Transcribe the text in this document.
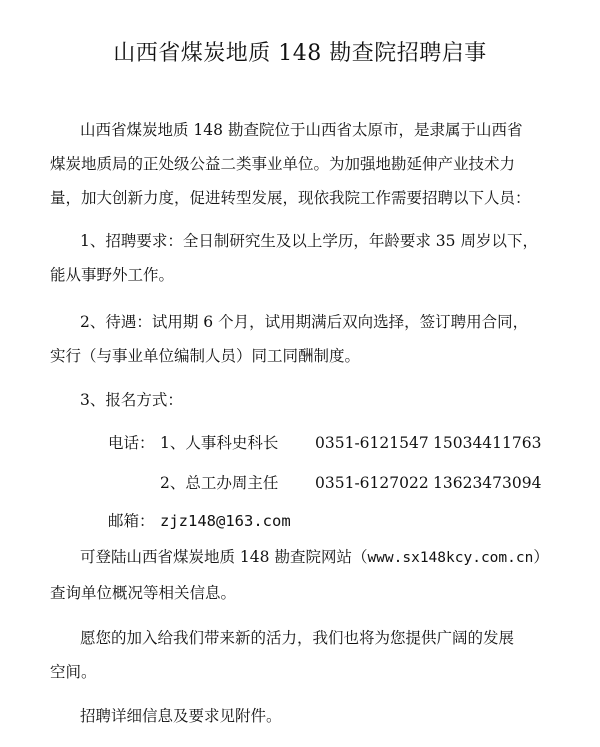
山西省煤炭地质 148 勘查院招聘启事
山西省煤炭地质 148 勘查院位于山西省太原市，是隶属于山西省
煤炭地质局的正处级公益二类事业单位。为加强地勘延伸产业技术力
量，加大创新力度，促进转型发展，现依我院工作需要招聘以下人员：
1、招聘要求：全日制研究生及以上学历，年龄要求 35 周岁以下，
能从事野外工作。
2、待遇：试用期 6 个月，试用期满后双向选择，签订聘用合同，
实行（与事业单位编制人员）同工同酬制度。
3、报名方式：
电话： 1、人事科史科长 0351-6121547 15034411763
2、总工办周主任 0351-6127022 13623473094
邮箱： zjz148@163.com
可登陆山西省煤炭地质 148 勘查院网站（www.sx148kcy.com.cn）
查询单位概况等相关信息。
愿您的加入给我们带来新的活力，我们也将为您提供广阔的发展
空间。
招聘详细信息及要求见附件。
